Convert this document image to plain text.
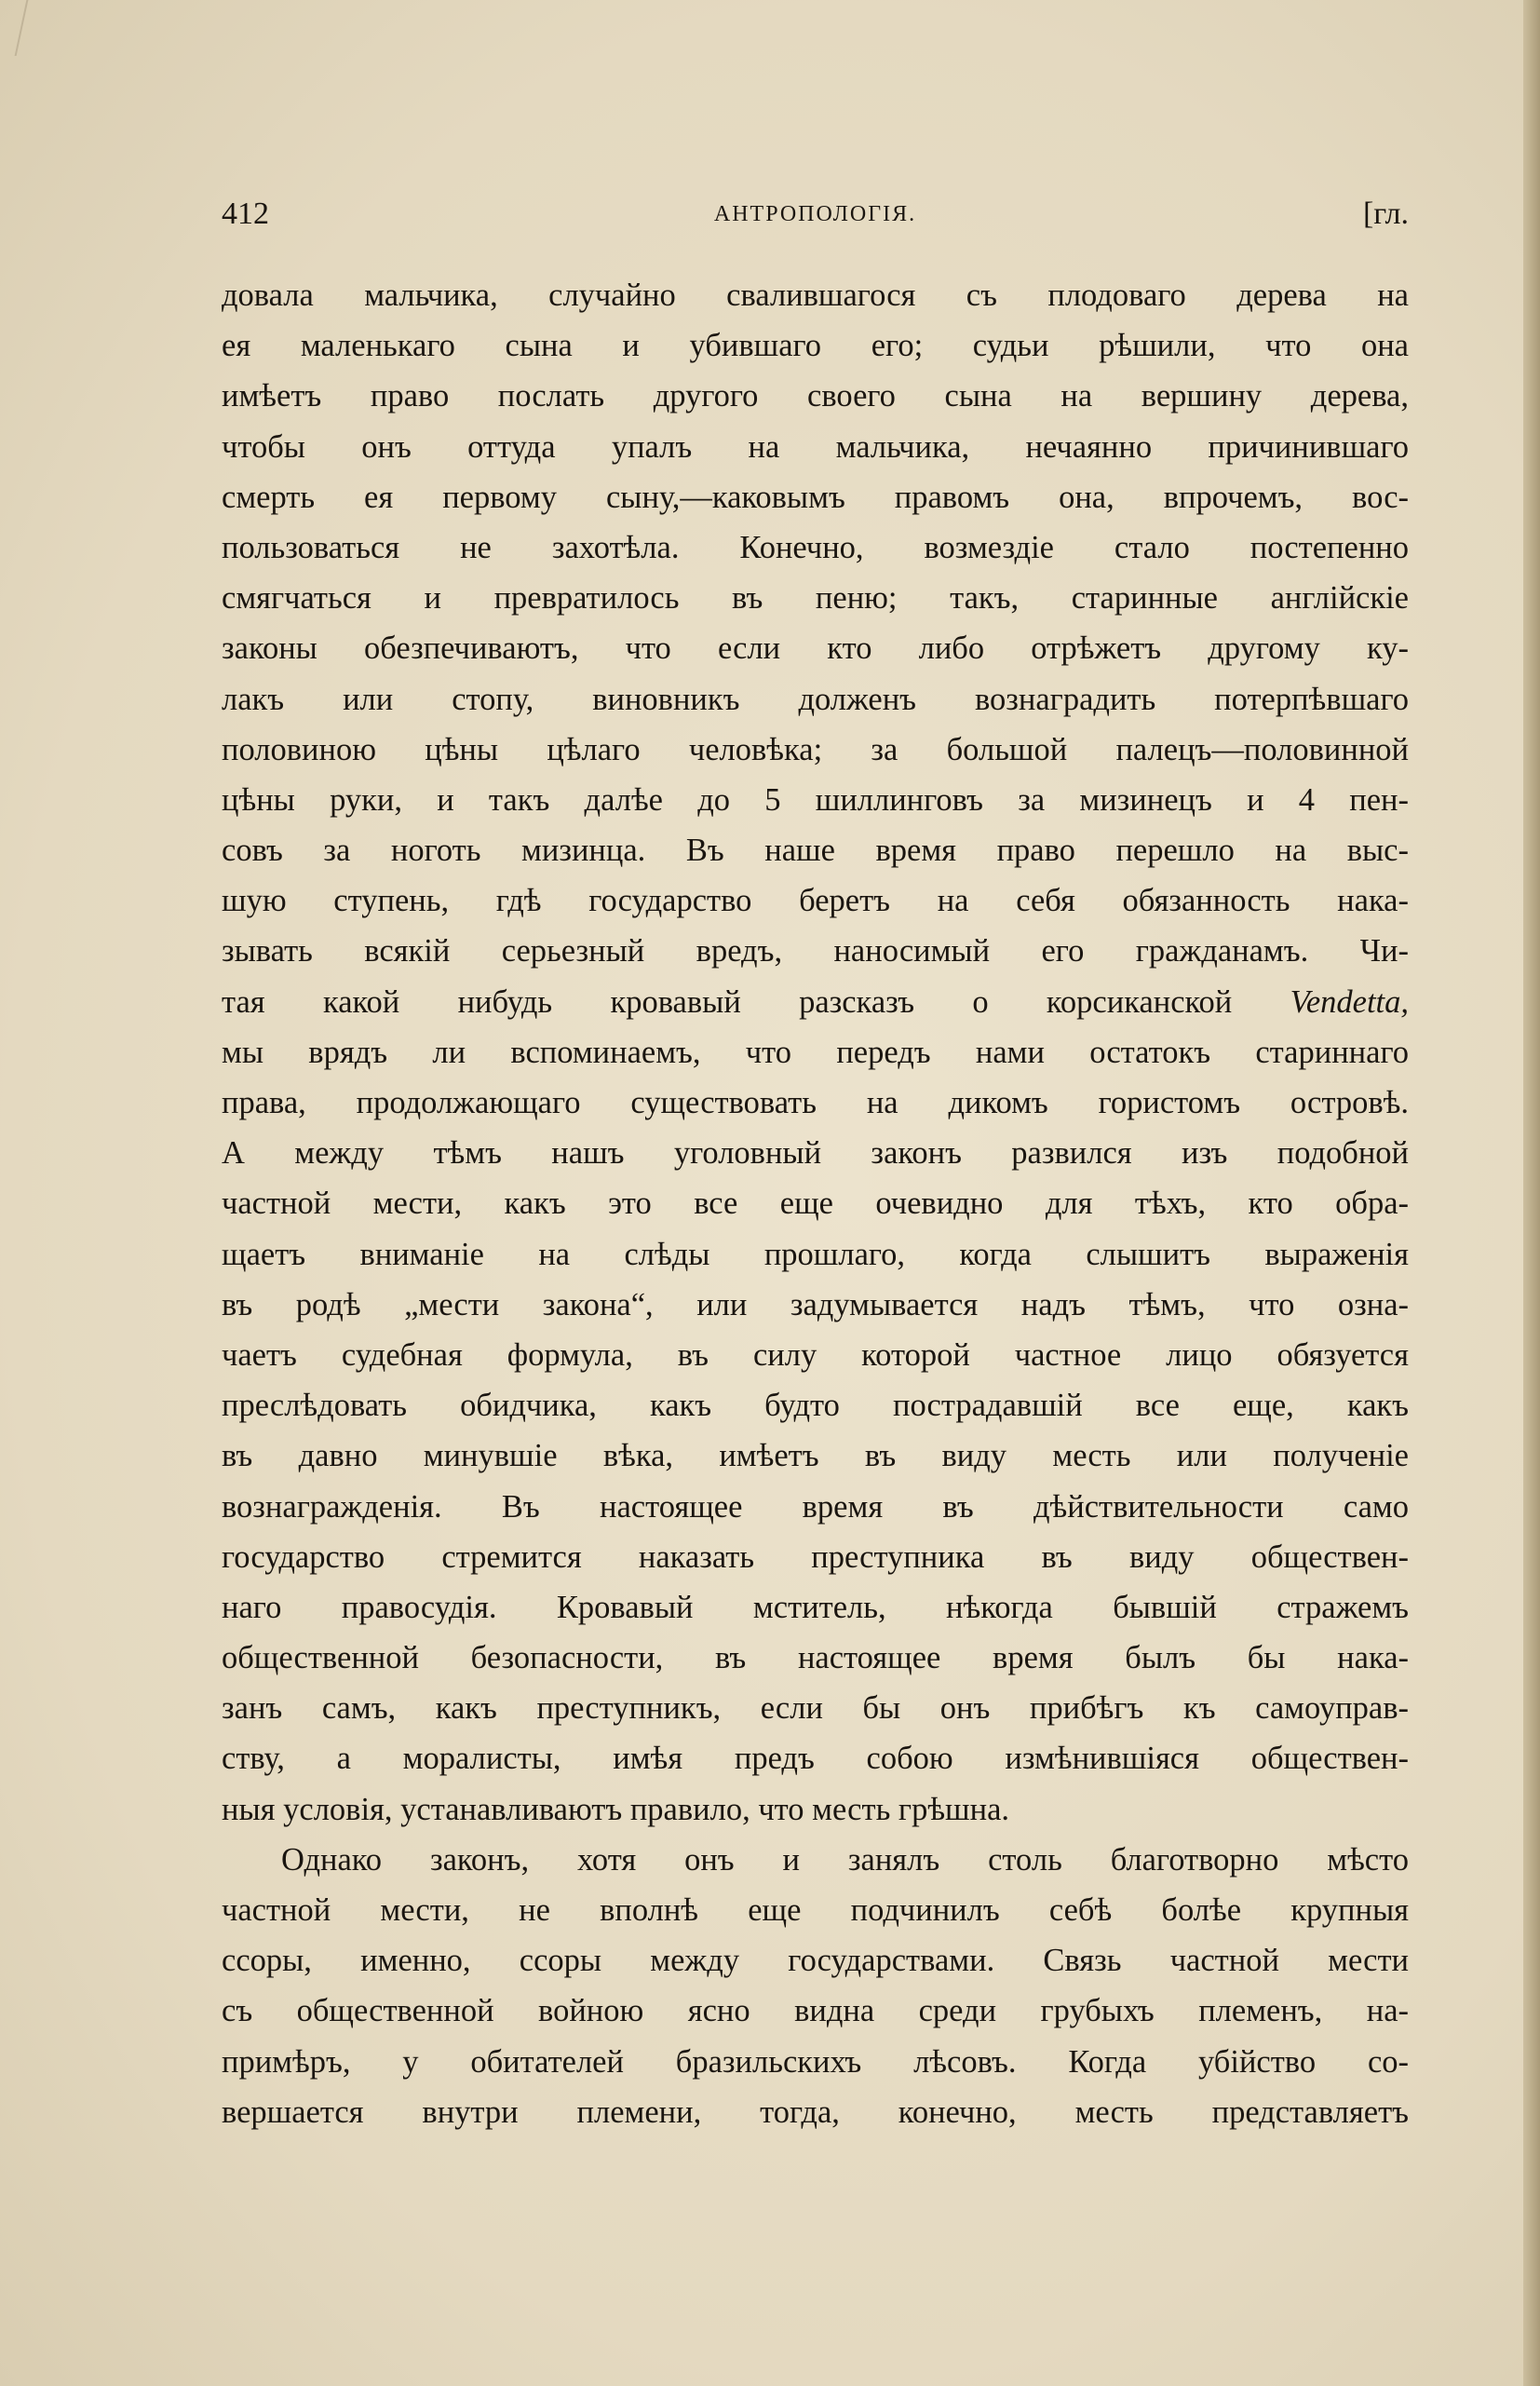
412	АНТРОПОЛОГІЯ.	[гл.
довала мальчика, случайно свалившагося съ плодоваго дерева на
ея маленькаго сына и убившаго его; судьи рѣшили, что она
имѣетъ право послать другого своего сына на вершину дерева,
чтобы онъ оттуда упалъ на мальчика, нечаянно причинившаго
смерть ея первому сыну,—каковымъ правомъ она, впрочемъ, вос-
пользоваться не захотѣла. Конечно, возмездіе стало постепенно
смягчаться и превратилось въ пеню; такъ, старинные англійскіе
законы обезпечиваютъ, что если кто либо отрѣжетъ другому ку-
лакъ или стопу, виновникъ долженъ вознаградить потерпѣвшаго
половиною цѣны цѣлаго человѣка; за большой палецъ—половинной
цѣны руки, и такъ далѣе до 5 шиллинговъ за мизинецъ и 4 пен-
совъ за ноготь мизинца. Въ наше время право перешло на выс-
шую ступень, гдѣ государство беретъ на себя обязанность нака-
зывать всякій серьезный вредъ, наносимый его гражданамъ. Чи-
тая какой нибудь кровавый разсказъ о корсиканской Vendetta,
мы врядъ ли вспоминаемъ, что передъ нами остатокъ стариннаго
права, продолжающаго существовать на дикомъ гористомъ островѣ.
А между тѣмъ нашъ уголовный законъ развился изъ подобной
частной мести, какъ это все еще очевидно для тѣхъ, кто обра-
щаетъ вниманіе на слѣды прошлаго, когда слышитъ выраженія
въ родѣ „мести закона“, или задумывается надъ тѣмъ, что озна-
чаетъ судебная формула, въ силу которой частное лицо обязуется
преслѣдовать обидчика, какъ будто пострадавшій все еще, какъ
въ давно минувшіе вѣка, имѣетъ въ виду месть или полученіе
вознагражденія. Въ настоящее время въ дѣйствительности само
государство стремится наказать преступника въ виду обществен-
наго правосудія. Кровавый мститель, нѣкогда бывшій стражемъ
общественной безопасности, въ настоящее время былъ бы нака-
занъ самъ, какъ преступникъ, если бы онъ прибѣгъ къ самоуправ-
ству, а моралисты, имѣя предъ собою измѣнившіяся обществен-
ныя условія, устанавливаютъ правило, что месть грѣшна.
Однако законъ, хотя онъ и занялъ столь благотворно мѣсто
частной мести, не вполнѣ еще подчинилъ себѣ болѣе крупныя
ссоры, именно, ссоры между государствами. Связь частной мести
съ общественной войною ясно видна среди грубыхъ племенъ, на-
примѣръ, у обитателей бразильскихъ лѣсовъ. Когда убійство со-
вершается внутри племени, тогда, конечно, месть представляетъ
